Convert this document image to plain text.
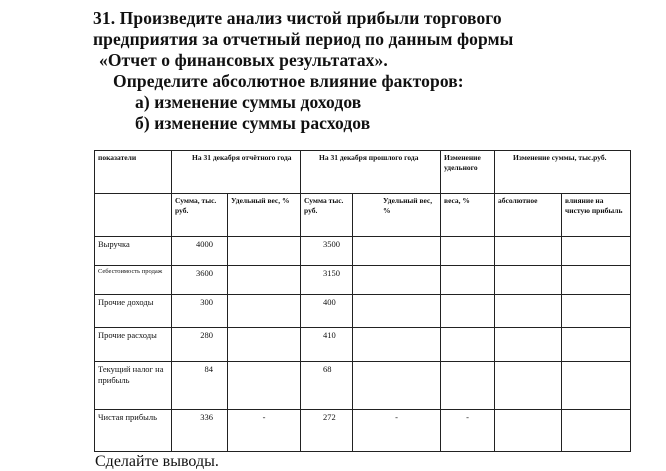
31. Произведите анализ чистой прибыли торгового
предприятия за отчетный период по данным формы
«Отчет о финансовых результатах».
Определите абсолютное влияние факторов:
а) изменение суммы доходов
б) изменение суммы расходов
показатели	На 31 декабря отчётного года		На 31 декабря прошлого года		Изменение удельного	Изменение суммы, тыс.руб.	
	Сумма, тыс. руб.	Удельный вес, %	Сумма тыс. руб.	Удельный вес, %	веса, %	абсолютное	влияние на чистую прибыль
Выручка	4000		3500				
Себестоимость продаж	3600		3150				
Прочие доходы	300		400				
Прочие расходы	280		410				
Текущий налог на прибыль	84		68				
Чистая прибыль	336	-	272	-	-		
Сделайте выводы.
